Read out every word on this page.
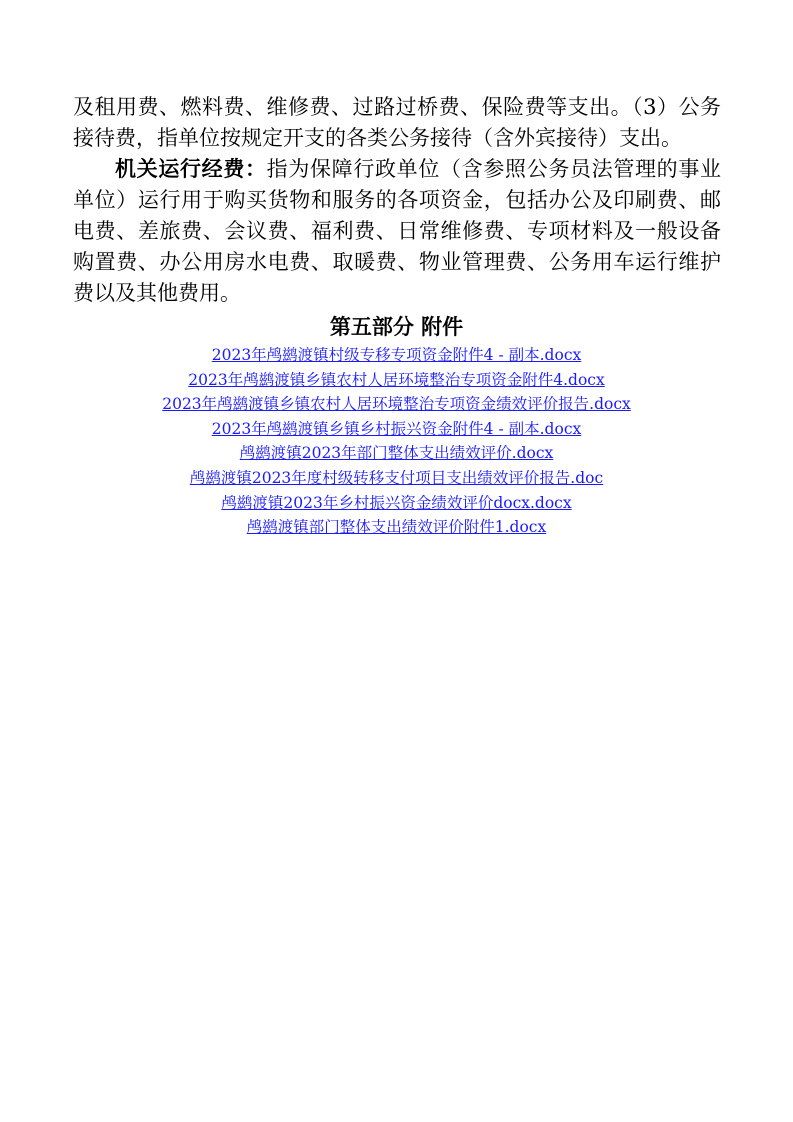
及租用费、燃料费、维修费、过路过桥费、保险费等支出。（3）公务接待费，指单位按规定开支的各类公务接待（含外宾接待）支出。

机关运行经费：指为保障行政单位（含参照公务员法管理的事业单位）运行用于购买货物和服务的各项资金，包括办公及印刷费、邮电费、差旅费、会议费、福利费、日常维修费、专项材料及一般设备购置费、办公用房水电费、取暖费、物业管理费、公务用车运行维护费以及其他费用。

第五部分 附件
2023年鸬鹚渡镇村级专移专项资金附件4 - 副本.docx
2023年鸬鹚渡镇乡镇农村人居环境整治专项资金附件4.docx
2023年鸬鹚渡镇乡镇农村人居环境整治专项资金绩效评价报告.docx
2023年鸬鹚渡镇乡镇乡村振兴资金附件4 - 副本.docx
鸬鹚渡镇2023年部门整体支出绩效评价.docx
鸬鹚渡镇2023年度村级转移支付项目支出绩效评价报告.doc
鸬鹚渡镇2023年乡村振兴资金绩效评价docx.docx
鸬鹚渡镇部门整体支出绩效评价附件1.docx
